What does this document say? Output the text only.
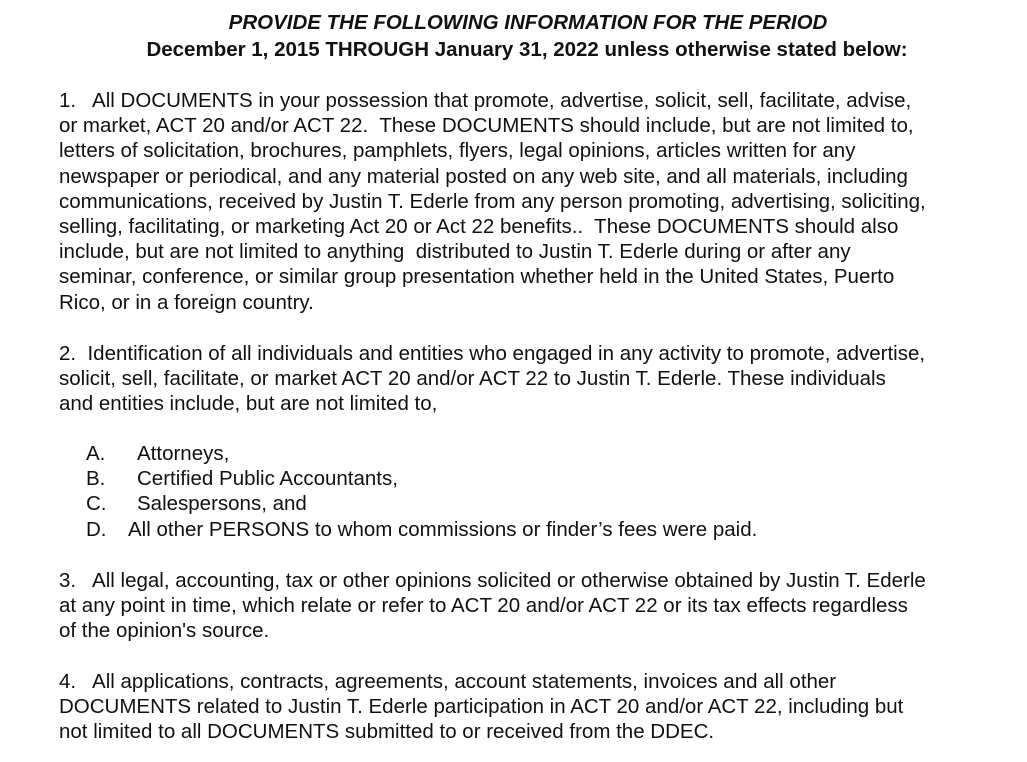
PROVIDE THE FOLLOWING INFORMATION FOR THE PERIOD
December 1, 2015 THROUGH January 31, 2022 unless otherwise stated below:
1.   All DOCUMENTS in your possession that promote, advertise, solicit, sell, facilitate, advise,
or market, ACT 20 and/or ACT 22.  These DOCUMENTS should include, but are not limited to,
letters of solicitation, brochures, pamphlets, flyers, legal opinions, articles written for any
newspaper or periodical, and any material posted on any web site, and all materials, including
communications, received by Justin T. Ederle from any person promoting, advertising, soliciting,
selling, facilitating, or marketing Act 20 or Act 22 benefits..  These DOCUMENTS should also
include, but are not limited to anything  distributed to Justin T. Ederle during or after any
seminar, conference, or similar group presentation whether held in the United States, Puerto
Rico, or in a foreign country.
2.  Identification of all individuals and entities who engaged in any activity to promote, advertise,
solicit, sell, facilitate, or market ACT 20 and/or ACT 22 to Justin T. Ederle. These individuals
and entities include, but are not limited to,
A. Attorneys,
B. Certified Public Accountants,
C. Salespersons, and
D. All other PERSONS to whom commissions or finder’s fees were paid.
3.   All legal, accounting, tax or other opinions solicited or otherwise obtained by Justin T. Ederle
at any point in time, which relate or refer to ACT 20 and/or ACT 22 or its tax effects regardless
of the opinion's source.
4.   All applications, contracts, agreements, account statements, invoices and all other
DOCUMENTS related to Justin T. Ederle participation in ACT 20 and/or ACT 22, including but
not limited to all DOCUMENTS submitted to or received from the DDEC.
